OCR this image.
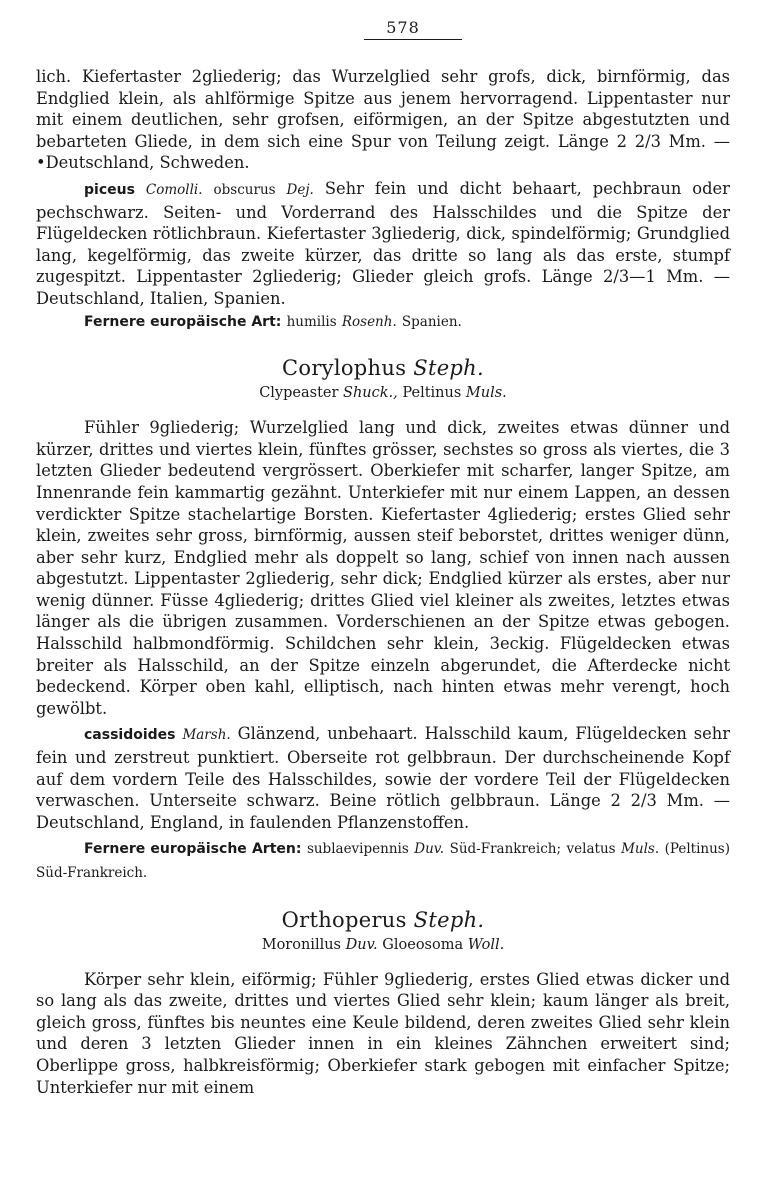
578

lich. Kiefertaster 2gliederig; das Wurzelglied sehr grofs, dick, birnförmig, das Endglied klein, als ahlförmige Spitze aus jenem hervorragend. Lippentaster nur mit einem deutlichen, sehr grofsen, eiförmigen, an der Spitze abgestutzten und bebarteten Gliede, in dem sich eine Spur von Teilung zeigt. Länge 2 2/3 Mm. —•Deutschland, Schweden.

piceus Comolli. obscurus Dej. Sehr fein und dicht behaart, pechbraun oder pechschwarz. Seiten- und Vorderrand des Halsschildes und die Spitze der Flügeldecken rötlichbraun. Kiefertaster 3gliederig, dick, spindelförmig; Grundglied lang, kegelförmig, das zweite kürzer, das dritte so lang als das erste, stumpf zugespitzt. Lippentaster 2gliederig; Glieder gleich grofs. Länge 2/3—1 Mm. — Deutschland, Italien, Spanien.

Fernere europäische Art: humilis Rosenh. Spanien.

Corylophus Steph.
Clypeaster Shuck., Peltinus Muls.

Fühler 9gliederig; Wurzelglied lang und dick, zweites etwas dünner und kürzer, drittes und viertes klein, fünftes grösser, sechstes so gross als viertes, die 3 letzten Glieder bedeutend vergrössert. Oberkiefer mit scharfer, langer Spitze, am Innenrande fein kammartig gezähnt. Unterkiefer mit nur einem Lappen, an dessen verdickter Spitze stachelartige Borsten. Kiefertaster 4gliederig; erstes Glied sehr klein, zweites sehr gross, birnförmig, aussen steif beborstet, drittes weniger dünn, aber sehr kurz, Endglied mehr als doppelt so lang, schief von innen nach aussen abgestutzt. Lippentaster 2gliederig, sehr dick; Endglied kürzer als erstes, aber nur wenig dünner. Füsse 4gliederig; drittes Glied viel kleiner als zweites, letztes etwas länger als die übrigen zusammen. Vorderschienen an der Spitze etwas gebogen. Halsschild halbmondförmig. Schildchen sehr klein, 3eckig. Flügeldecken etwas breiter als Halsschild, an der Spitze einzeln abgerundet, die Afterdecke nicht bedeckend. Körper oben kahl, elliptisch, nach hinten etwas mehr verengt, hoch gewölbt.

cassidoides Marsh. Glänzend, unbehaart. Halsschild kaum, Flügeldecken sehr fein und zerstreut punktiert. Oberseite rot gelbbraun. Der durchscheinende Kopf auf dem vordern Teile des Halsschildes, sowie der vordere Teil der Flügeldecken verwaschen. Unterseite schwarz. Beine rötlich gelbbraun. Länge 2 2/3 Mm. — Deutschland, England, in faulenden Pflanzenstoffen.

Fernere europäische Arten: sublaevipennis Duv. Süd-Frankreich; velatus Muls. (Peltinus) Süd-Frankreich.

Orthoperus Steph.
Moronillus Duv. Gloeosoma Woll.

Körper sehr klein, eiförmig; Fühler 9gliederig, erstes Glied etwas dicker und so lang als das zweite, drittes und viertes Glied sehr klein; kaum länger als breit, gleich gross, fünftes bis neuntes eine Keule bildend, deren zweites Glied sehr klein und deren 3 letzten Glieder innen in ein kleines Zähnchen erweitert sind; Oberlippe gross, halbkreisförmig; Oberkiefer stark gebogen mit einfacher Spitze; Unterkiefer nur mit einem
